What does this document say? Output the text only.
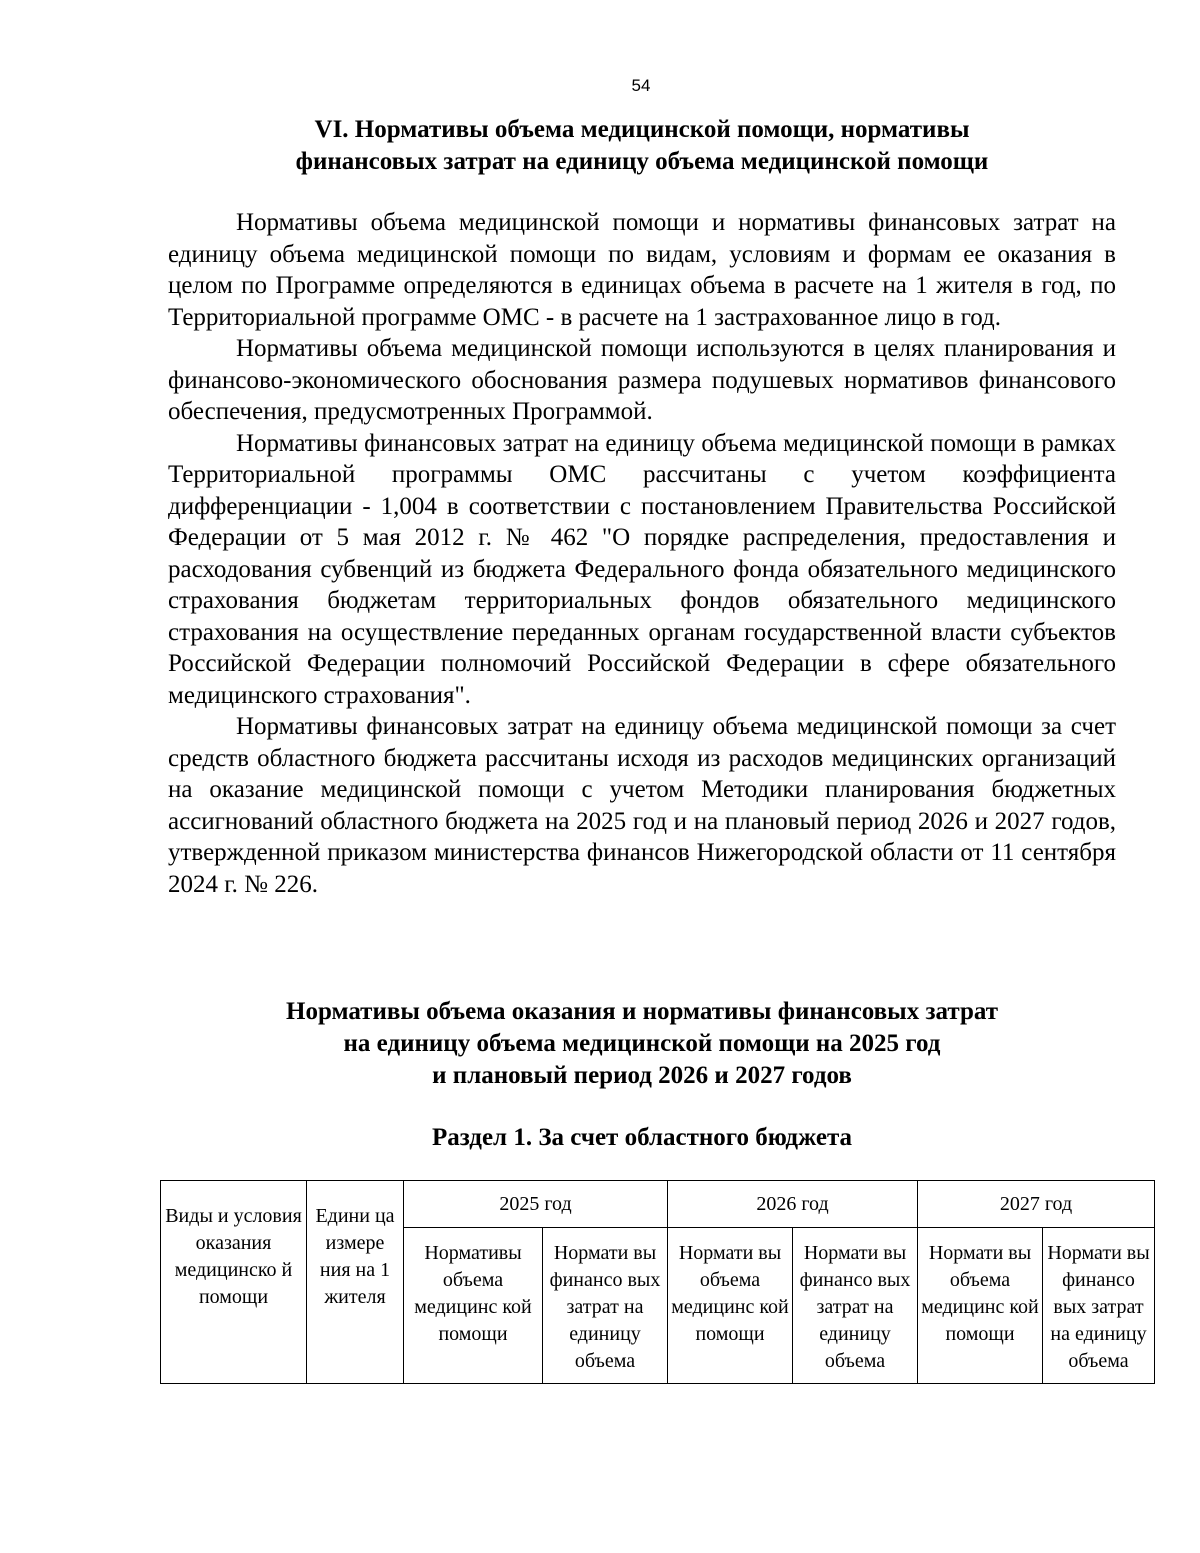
54
VI. Нормативы объема медицинской помощи, нормативы
финансовых затрат на единицу объема медицинской помощи

Нормативы объема медицинской помощи и нормативы финансовых затрат на единицу объема медицинской помощи по видам, условиям и формам ее оказания в целом по Программе определяются в единицах объема в расчете на 1 жителя в год, по Территориальной программе ОМС - в расчете на 1 застрахованное лицо в год.

Нормативы объема медицинской помощи используются в целях планирования и финансово-экономического обоснования размера подушевых нормативов финансового обеспечения, предусмотренных Программой.

Нормативы финансовых затрат на единицу объема медицинской помощи в рамках Территориальной программы ОМС рассчитаны с учетом коэффициента дифференциации - 1,004 в соответствии с постановлением Правительства Российской Федерации от 5 мая 2012 г. № 462 "О порядке распределения, предоставления и расходования субвенций из бюджета Федерального фонда обязательного медицинского страхования бюджетам территориальных фондов обязательного медицинского страхования на осуществление переданных органам государственной власти субъектов Российской Федерации полномочий Российской Федерации в сфере обязательного медицинского страхования".

Нормативы финансовых затрат на единицу объема медицинской помощи за счет средств областного бюджета рассчитаны исходя из расходов медицинских организаций на оказание медицинской помощи с учетом Методики планирования бюджетных ассигнований областного бюджета на 2025 год и на плановый период 2026 и 2027 годов, утвержденной приказом министерства финансов Нижегородской области от 11 сентября 2024 г. № 226.

Нормативы объема оказания и нормативы финансовых затрат
на единицу объема медицинской помощи на 2025 год
и плановый период 2026 и 2027 годов
Раздел 1. За счет областного бюджета
Виды и условия оказания медицинско й помощи	Едини ца измере ния на 1 жителя	2025 год		2026 год		2027 год	
		Нормативы объема медицинс кой помощи	Нормати вы финансо вых затрат на единицу объема	Нормати вы объема медицинс кой помощи	Нормати вы финансо вых затрат на единицу объема	Нормати вы объема медицинс кой помощи	Нормати вы финансо вых затрат на единицу объема
